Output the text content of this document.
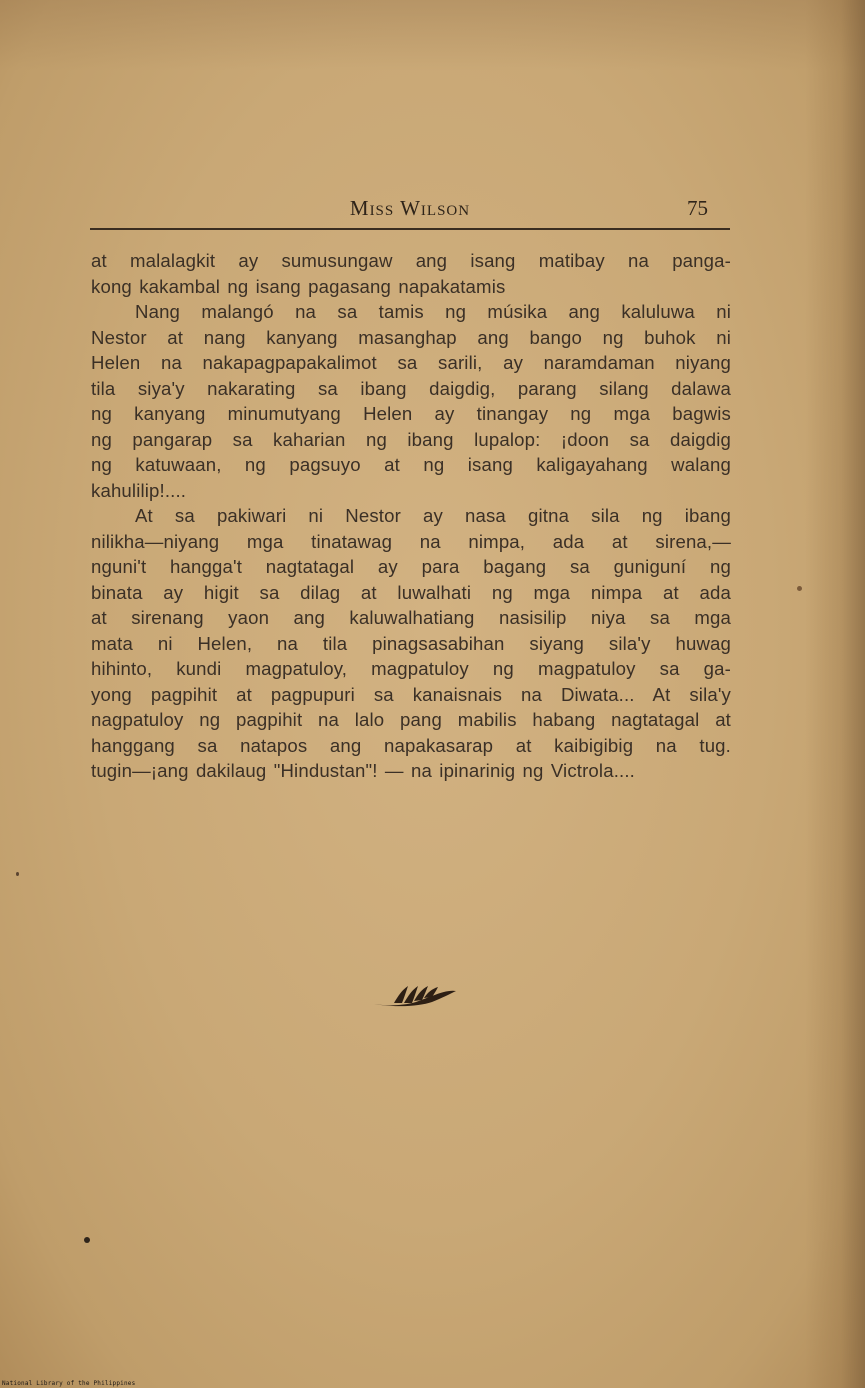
Miss Wilson	75
at malalagkit ay sumusungaw ang isang matibay na panga-
kong kakambal ng isang pagasang napakatamis
Nang malangó na sa tamis ng músika ang kaluluwa ni
Nestor at nang kanyang masanghap ang bango ng buhok ni
Helen na nakapagpapakalimot sa sarili, ay naramdaman niyang
tila siya'y nakarating sa ibang daigdig, parang silang dalawa
ng kanyang minumutyang Helen ay tinangay ng mga bagwis
ng pangarap sa kaharian ng ibang lupalop: ¡doon sa daigdig
ng katuwaan, ng pagsuyo at ng isang kaligayahang walang
kahulilip!....
At sa pakiwari ni Nestor ay nasa gitna sila ng ibang
nilikha—niyang mga tinatawag na nimpa, ada at sirena,—
nguni't hangga't nagtatagal ay para bagang sa guniguní ng
binata ay higit sa dilag at luwalhati ng mga nimpa at ada
at sirenang yaon ang kaluwalhatiang nasisilip niya sa mga
mata ni Helen, na tila pinagsasabihan siyang sila'y huwag
hihinto, kundi magpatuloy, magpatuloy ng magpatuloy sa ga-
yong pagpihit at pagpupuri sa kanaisnais na Diwata... At sila'y
nagpatuloy ng pagpihit na lalo pang mabilis habang nagtatagal at
hanggang sa natapos ang napakasarap at kaibigibig na tug.
tugin—¡ang dakilaug "Hindustan"! — na ipinarinig ng Victrola....
National Library of the Philippines
